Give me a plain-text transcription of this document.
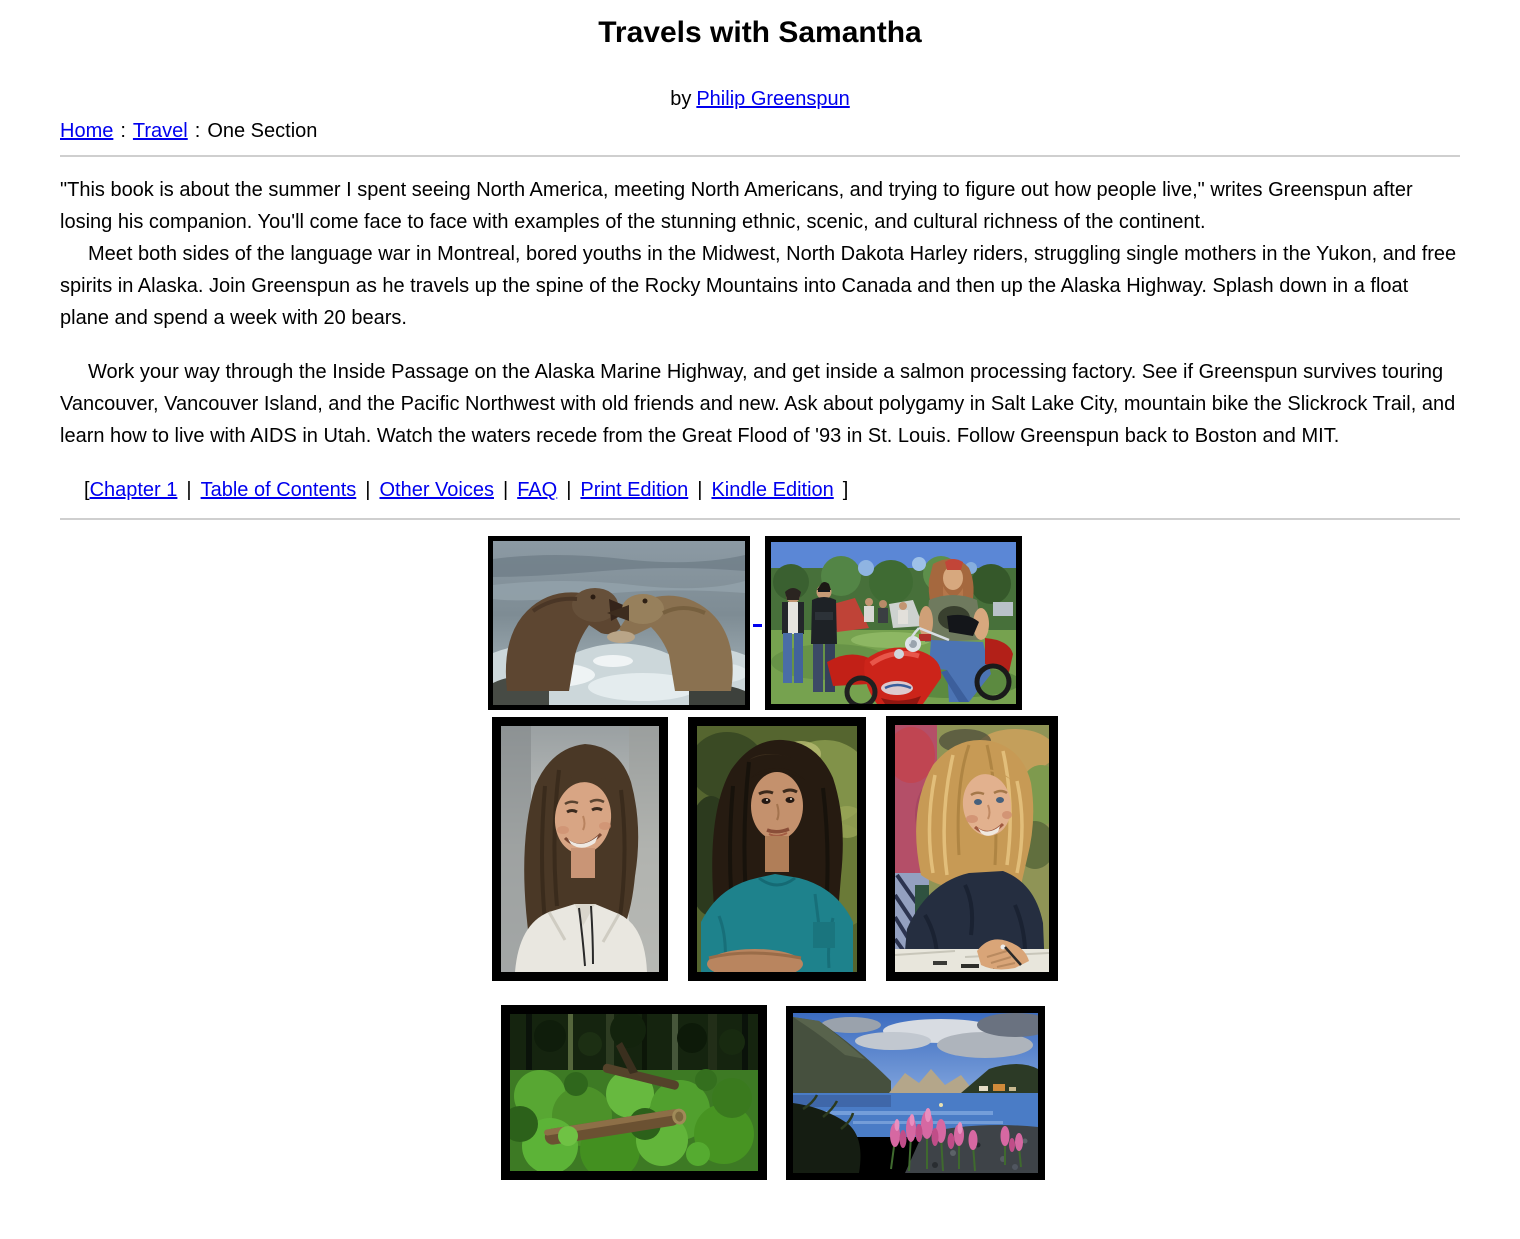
Travels with Samantha
by Philip Greenspun
Home : Travel : One Section

"This book is about the summer I spent seeing North America, meeting North Americans, and trying to figure out how people live," writes Greenspun after losing his companion. You'll come face to face with examples of the stunning ethnic, scenic, and cultural richness of the continent.

Meet both sides of the language war in Montreal, bored youths in the Midwest, North Dakota Harley riders, struggling single mothers in the Yukon, and free spirits in Alaska. Join Greenspun as he travels up the spine of the Rocky Mountains into Canada and then up the Alaska Highway. Splash down in a float plane and spend a week with 20 bears.

Work your way through the Inside Passage on the Alaska Marine Highway, and get inside a salmon processing factory. See if Greenspun survives touring Vancouver, Vancouver Island, and the Pacific Northwest with old friends and new. Ask about polygamy in Salt Lake City, mountain bike the Slickrock Trail, and learn how to live with AIDS in Utah. Watch the waters recede from the Great Flood of '93 in St. Louis. Follow Greenspun back to Boston and MIT.

[Chapter 1 | Table of Contents | Other Voices | FAQ | Print Edition | Kindle Edition ]
